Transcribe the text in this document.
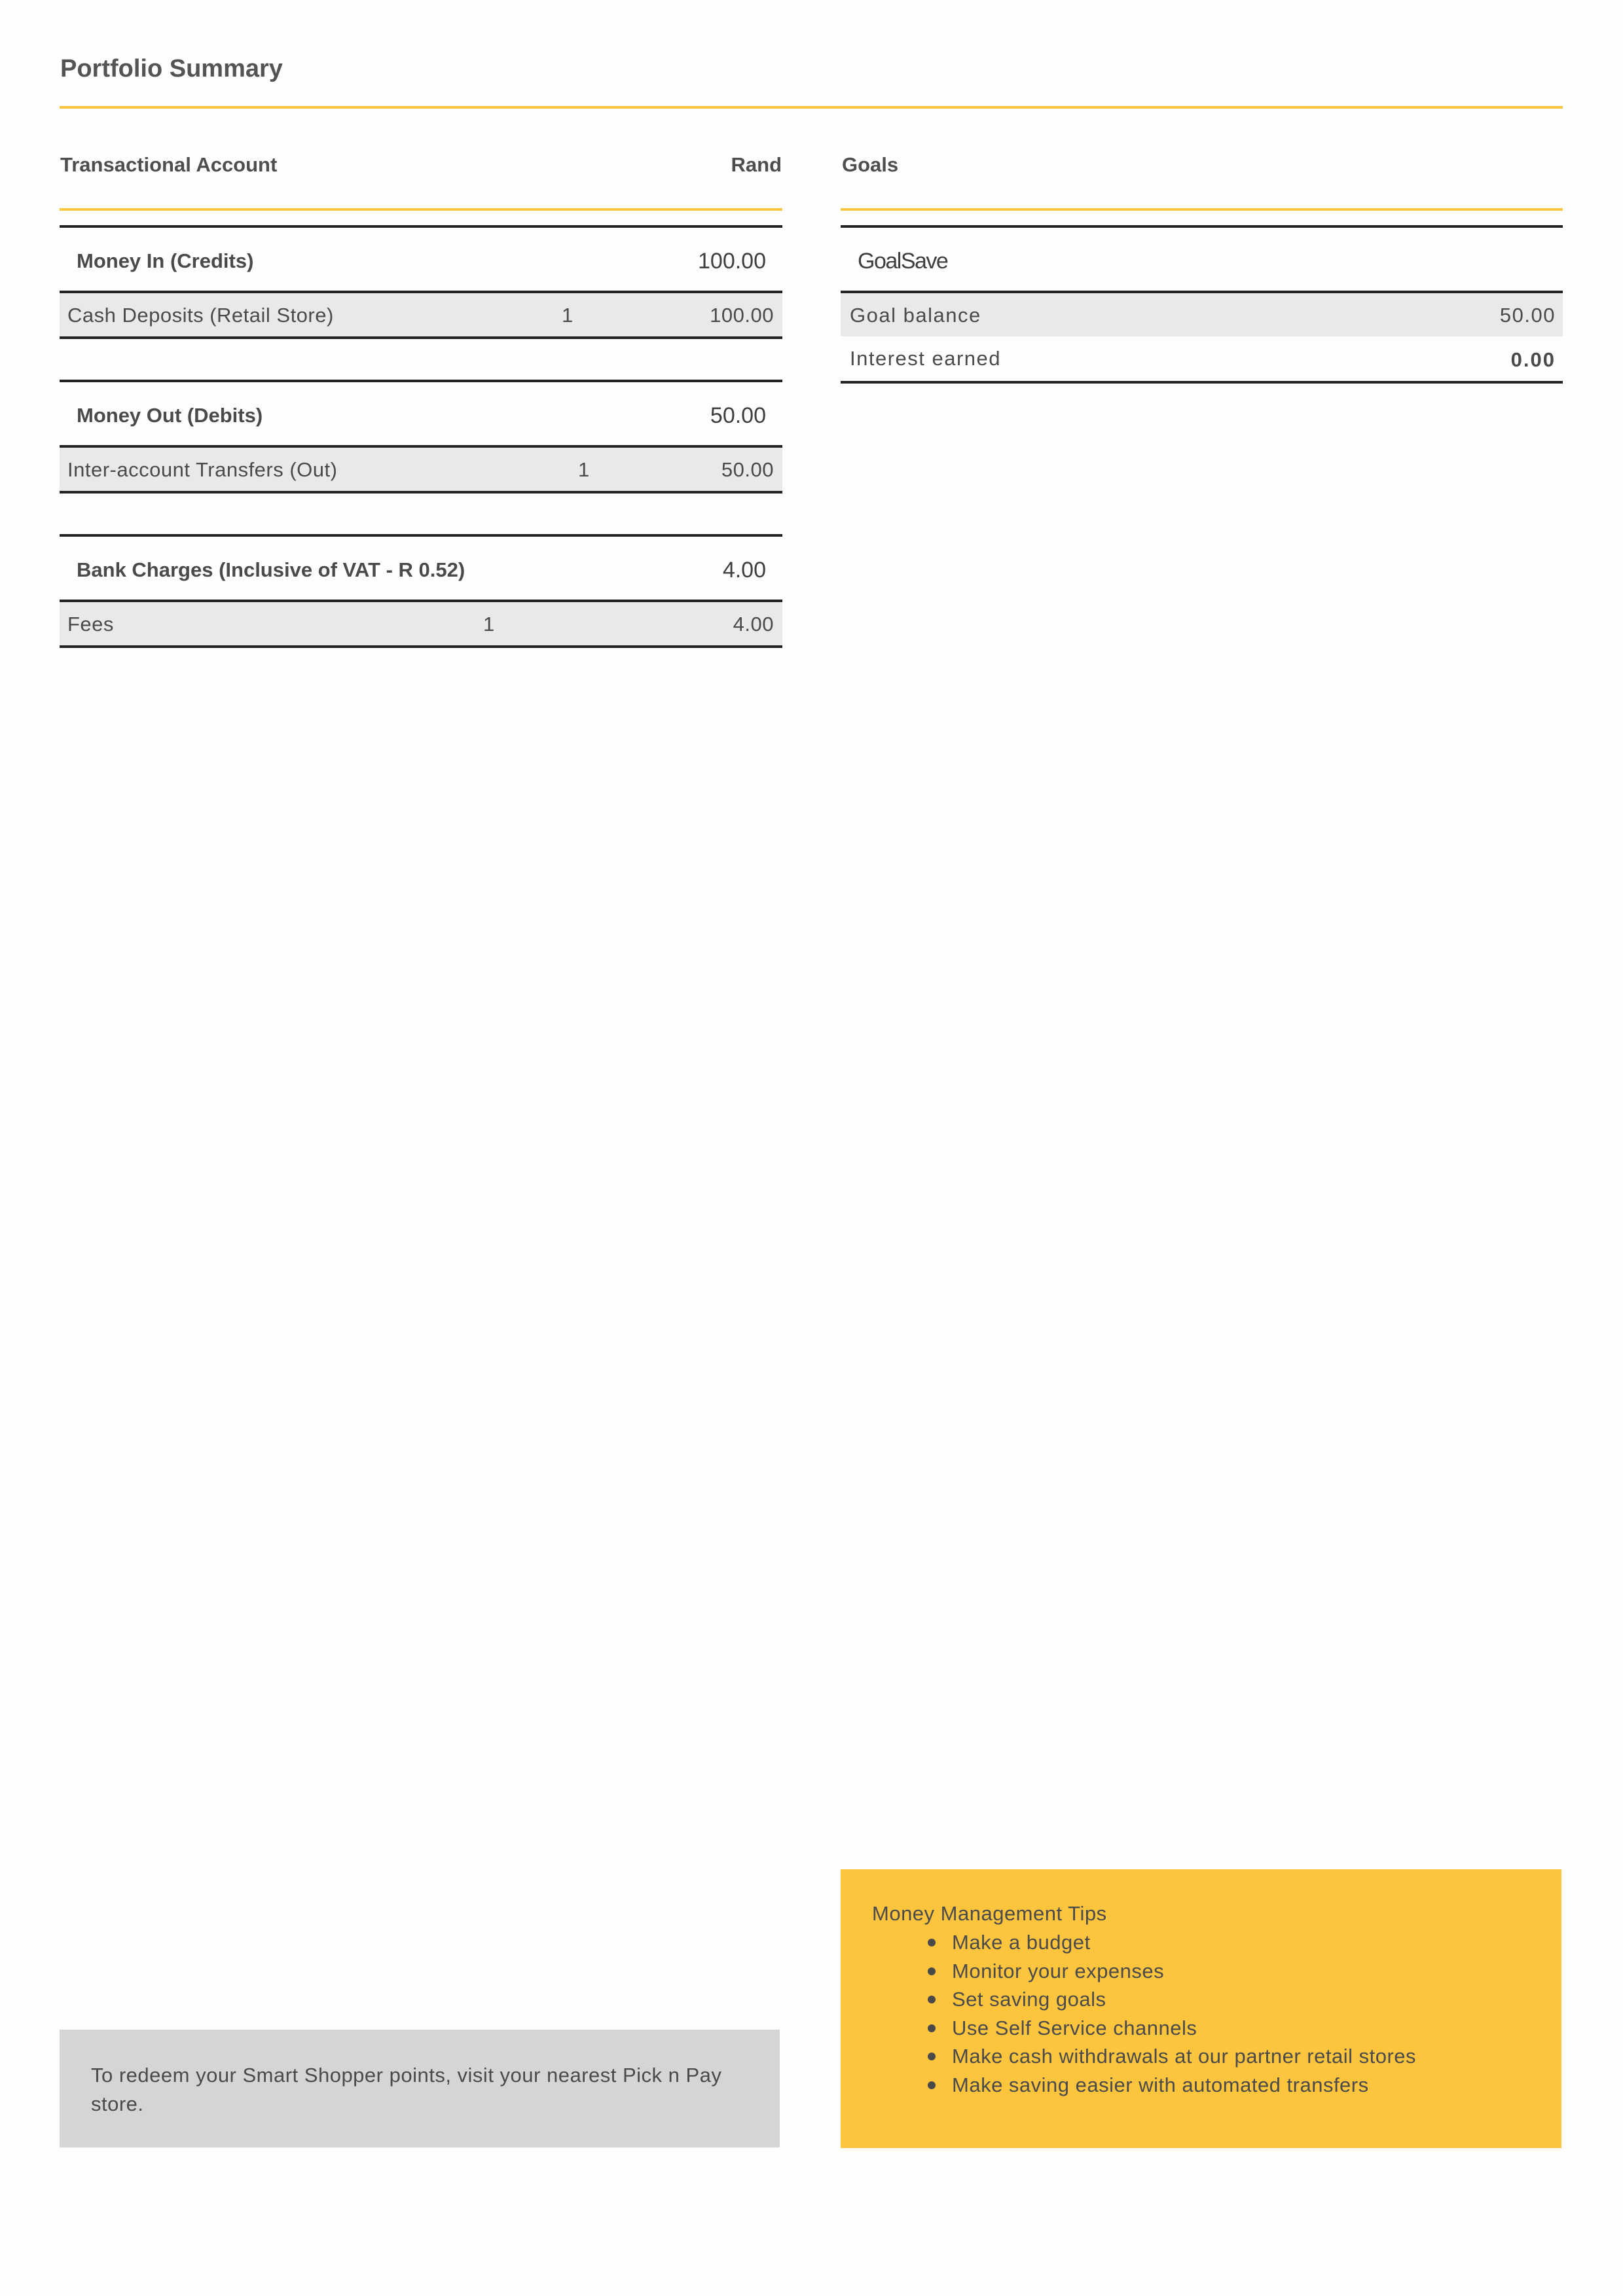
Portfolio Summary
Transactional Account	Rand
Money In (Credits)	100.00
Cash Deposits (Retail Store)	1	100.00
Money Out (Debits)	50.00
Inter-account Transfers (Out)	1	50.00
Bank Charges (Inclusive of VAT - R 0.52)	4.00
Fees	1	4.00
Goals
GoalSave
Goal balance	50.00
Interest earned	0.00
To redeem your Smart Shopper points, visit your nearest Pick n Pay store.
Money Management Tips
Make a budget
Monitor your expenses
Set saving goals
Use Self Service channels
Make cash withdrawals at our partner retail stores
Make saving easier with automated transfers
